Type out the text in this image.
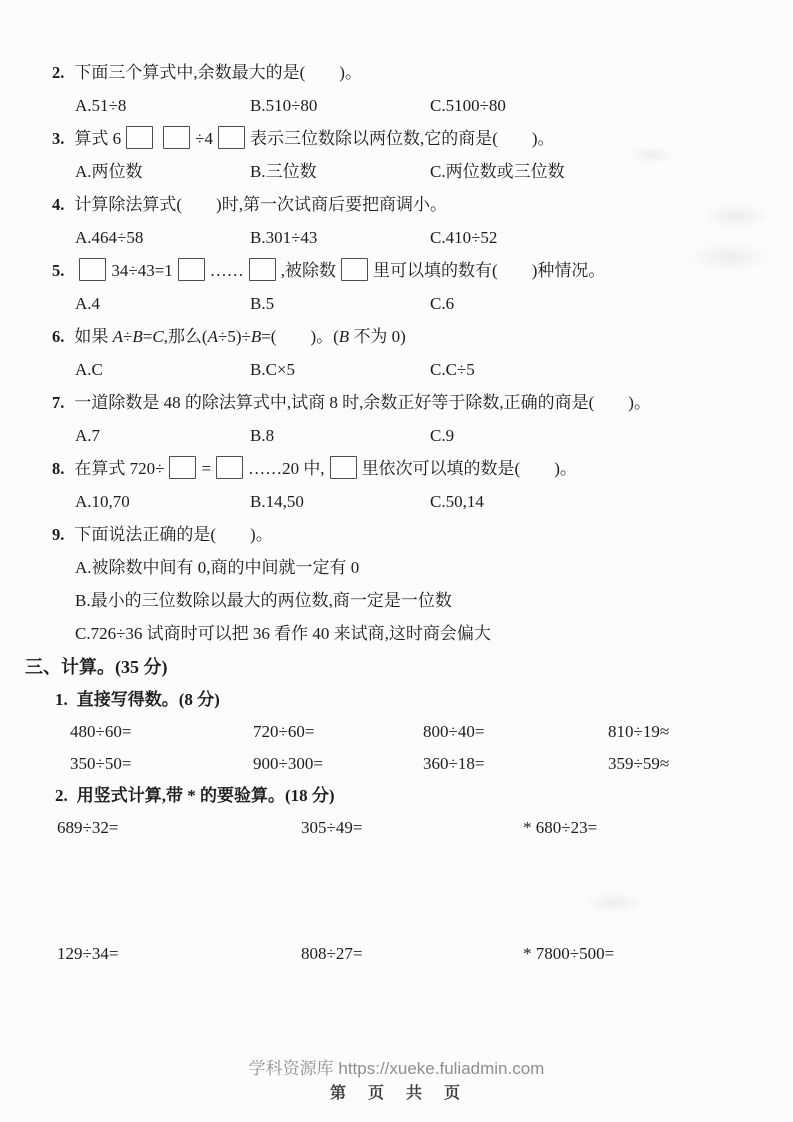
2. 下面三个算式中,余数最大的是(　　)。
A.51÷8	B.510÷80	C.5100÷80
3. 算式 6	÷4 表示三位数除以两位数,它的商是(　　)。
A.两位数	B.三位数	C.两位数或三位数
4. 计算除法算式(　　)时,第一次试商后要把商调小。
A.464÷58	B.301÷43	C.410÷52
5.	34÷43=1 …… ,被除数 里可以填的数有(　　)种情况。
A.4	B.5	C.6
6. 如果 A÷B=C,那么(A÷5)÷B=(　　)。(B 不为 0)
A.C	B.C×5	C.C÷5
7. 一道除数是 48 的除法算式中,试商 8 时,余数正好等于除数,正确的商是(　　)。
A.7	B.8	C.9
8. 在算式 720÷ = ……20 中, 里依次可以填的数是(　　)。
A.10,70	B.14,50	C.50,14
9. 下面说法正确的是(　　)。
A.被除数中间有 0,商的中间就一定有 0
B.最小的三位数除以最大的两位数,商一定是一位数
C.726÷36 试商时可以把 36 看作 40 来试商,这时商会偏大
三、计算。(35 分)
1. 直接写得数。(8 分)
480÷60=	720÷60=	800÷40=	810÷19≈
350÷50=	900÷300=	360÷18=	359÷59≈
2. 用竖式计算,带 * 的要验算。(18 分)
689÷32=	305÷49=	* 680÷23=
129÷34=	808÷27=	* 7800÷500=
学科资源库 https://xueke.fuliadmin.com
第　页　共　页
